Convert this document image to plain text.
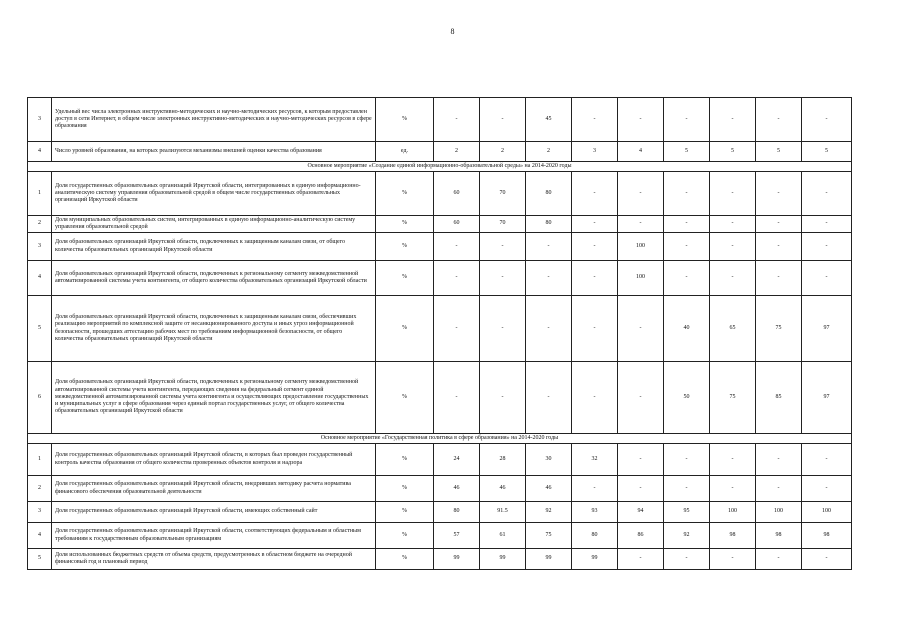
8
3	Удельный вес числа электронных инструктивно-методических и научно-методических ресурсов, к которым предоставлен доступ в сети Интернет, в общем числе электронных инструктивно-методических и научно-методических ресурсов в сфере образования	%	-	-	45	-	-	-	-	-	-
4	Число уровней образования, на которых реализуются механизмы внешней оценки качества образования	ед.	2	2	2	3	4	5	5	5	5
Основное мероприятие «Создание единой информационно-образовательной среды» на 2014-2020 годы											
1	Доля государственных образовательных организаций Иркутской области, интегрированных в единую информационно-аналитическую систему управления образовательной средой в общем числе государственных образовательных организаций Иркутской области	%	60	70	80	-	-	-	-	-	-
2	Доля муниципальных образовательных систем, интегрированных в единую информационно-аналитическую систему управления образовательной средой	%	60	70	80	-	-	-	-	-	-
3	Доля образовательных организаций Иркутской области, подключенных к защищенным каналам связи, от общего количества образовательных организаций Иркутской области	%	-	-	-	-	100	-	-	-	-
4	Доля образовательных организаций Иркутской области, подключенных к региональному сегменту межведомственной автоматизированной системы учета контингента, от общего количества образовательных организаций Иркутской области	%	-	-	-	-	100	-	-	-	-
5	Доля образовательных организаций Иркутской области, подключенных к защищенным каналам связи, обеспечивших реализацию мероприятий по комплексной защите от несанкционированного доступа и иных угроз информационной безопасности, прошедших аттестацию рабочих мест по требованиям информационной безопасности, от общего количества образовательных организаций Иркутской области	%	-	-	-	-	-	40	65	75	97
6	Доля образовательных организаций Иркутской области, подключенных к региональному сегменту межведомственной автоматизированной системы учета контингента, передающих сведения на федеральный сегмент единой межведомственной автоматизированной системы учета контингента и осуществляющих предоставление государственных и муниципальных услуг в сфере образования через единый портал государственных услуг, от общего количества образовательных организаций Иркутской области	%	-	-	-	-	-	50	75	85	97
Основное мероприятие «Государственная политика в сфере образования» на 2014-2020 годы											
1	Доля государственных образовательных организаций Иркутской области, в которых был проведен государственный контроль качества образования от общего количества проверенных объектов контроля и надзора	%	24	28	30	32	-	-	-	-	-
2	Доля государственных образовательных организаций Иркутской области, внедривших методику расчета норматива финансового обеспечения образовательной деятельности	%	46	46	46	-	-	-	-	-	-
3	Доля государственных образовательных организаций Иркутской области, имеющих собственный сайт	%	80	91.5	92	93	94	95	100	100	100
4	Доля государственных образовательных организаций Иркутской области, соответствующих федеральным и областным требованиям к государственным образовательным организациям	%	57	61	75	80	86	92	98	98	98
5	Доля использованных бюджетных средств от объема средств, предусмотренных в областном бюджете на очередной финансовый год и плановый период	%	99	99	99	99	-	-	-	-	-
